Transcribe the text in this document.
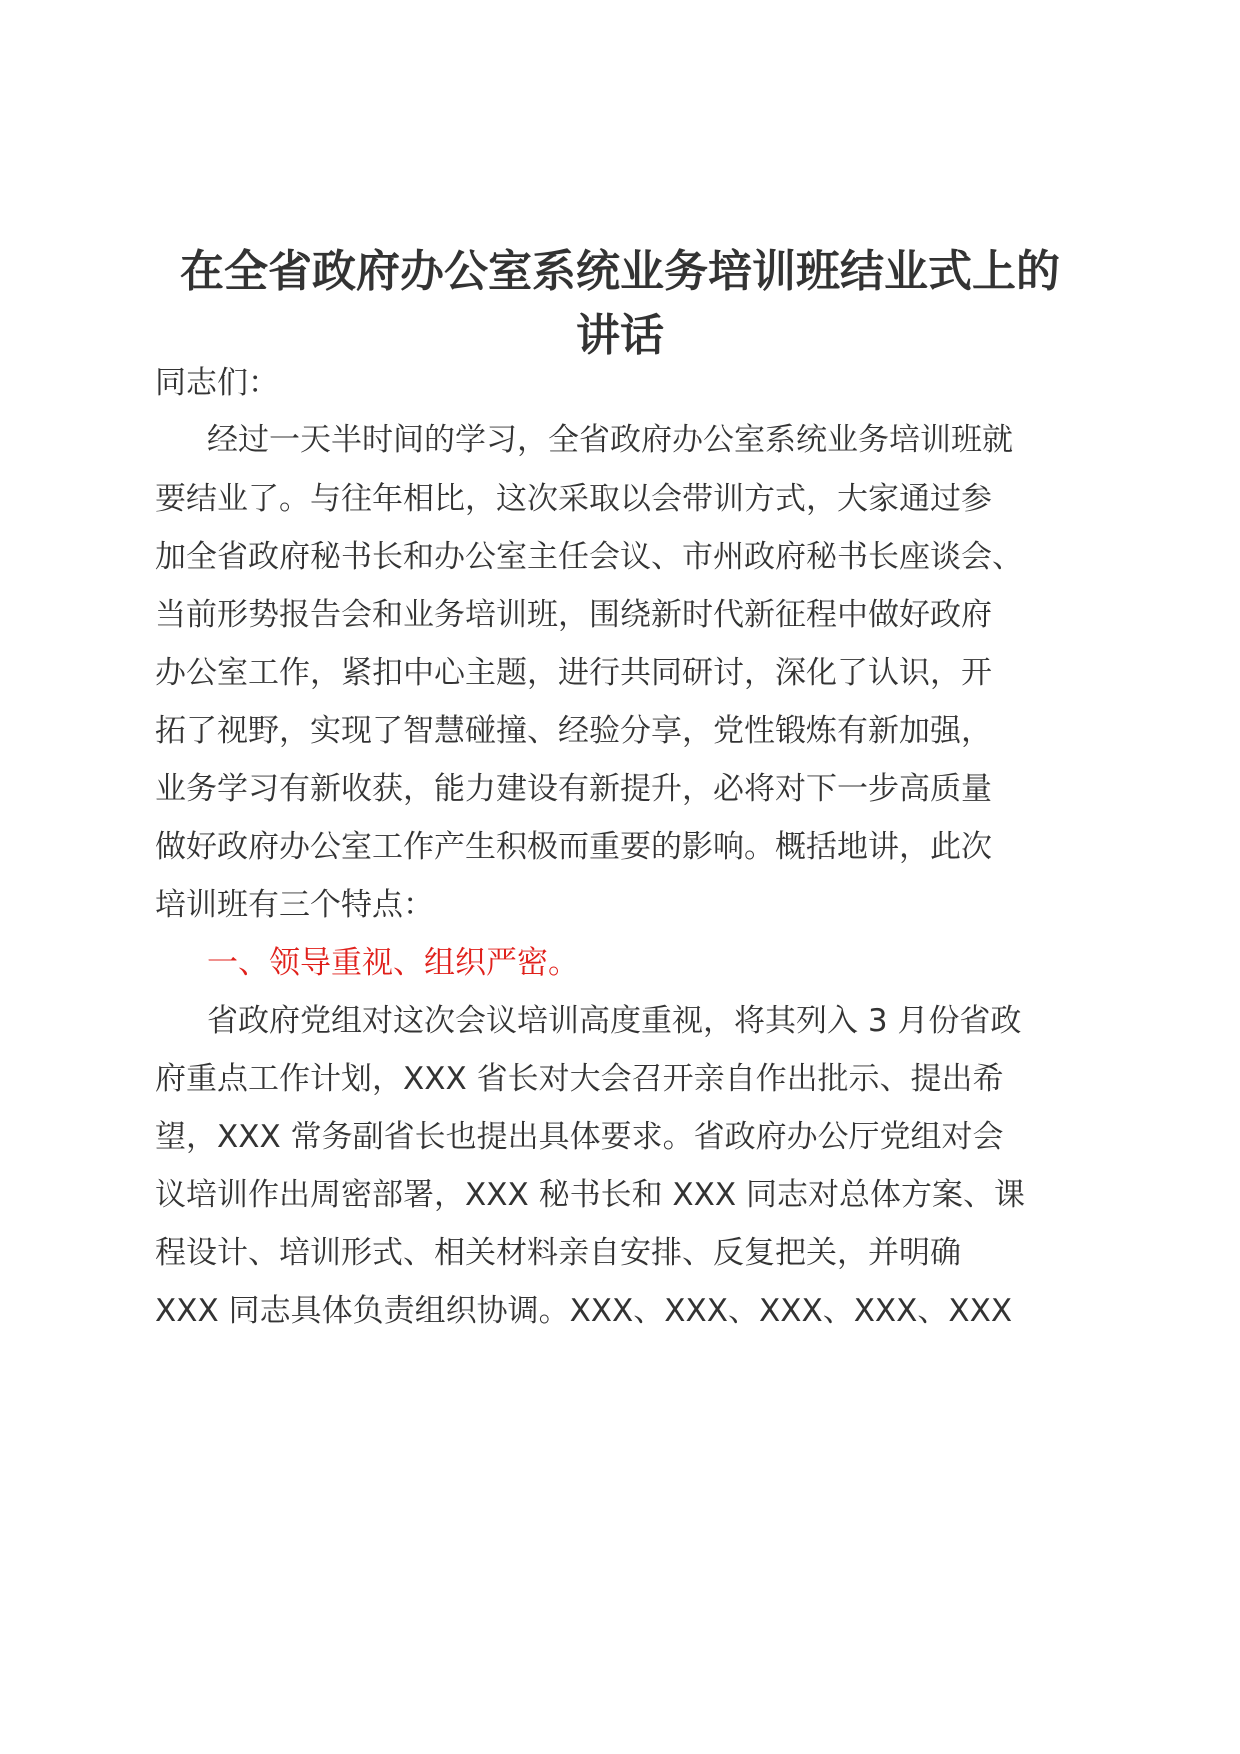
在全省政府办公室系统业务培训班结业式上的
讲话
同志们：
经过一天半时间的学习，全省政府办公室系统业务培训班就
要结业了。与往年相比，这次采取以会带训方式，大家通过参
加全省政府秘书长和办公室主任会议、市州政府秘书长座谈会、
当前形势报告会和业务培训班，围绕新时代新征程中做好政府
办公室工作，紧扣中心主题，进行共同研讨，深化了认识，开
拓了视野，实现了智慧碰撞、经验分享，党性锻炼有新加强，
业务学习有新收获，能力建设有新提升，必将对下一步高质量
做好政府办公室工作产生积极而重要的影响。概括地讲，此次
培训班有三个特点：
一、领导重视、组织严密。
省政府党组对这次会议培训高度重视，将其列入 3 月份省政
府重点工作计划，XXX 省长对大会召开亲自作出批示、提出希
望，XXX 常务副省长也提出具体要求。省政府办公厅党组对会
议培训作出周密部署，XXX 秘书长和 XXX 同志对总体方案、课
程设计、培训形式、相关材料亲自安排、反复把关，并明确
XXX 同志具体负责组织协调。XXX、XXX、XXX、XXX、XXX
